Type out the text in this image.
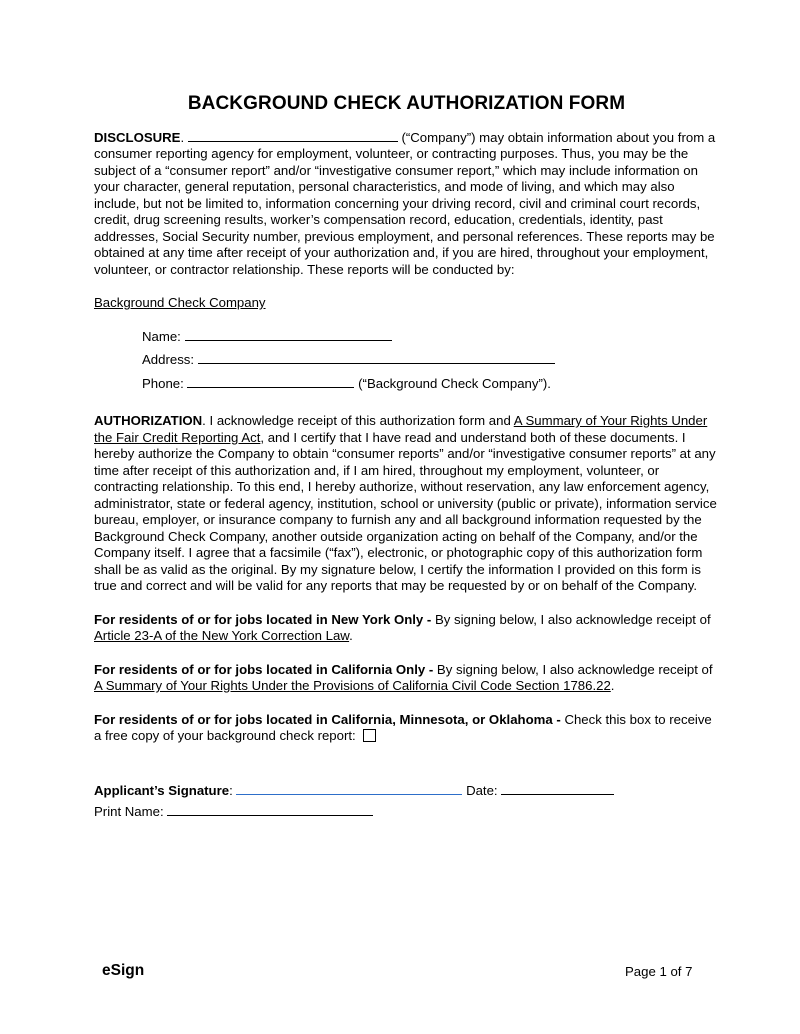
BACKGROUND CHECK AUTHORIZATION FORM

DISCLOSURE.	(“Company”) may obtain information about you from a consumer reporting agency for employment, volunteer, or contracting purposes. Thus, you may be the subject of a “consumer report” and/or “investigative consumer report,” which may include information on your character, general reputation, personal characteristics, and mode of living, and which may also include, but not be limited to, information concerning your driving record, civil and criminal court records, credit, drug screening results, worker’s compensation record, education, credentials, identity, past addresses, Social Security number, previous employment, and personal references. These reports may be obtained at any time after receipt of your authorization and, if you are hired, throughout your employment, volunteer, or contractor relationship. These reports will be conducted by:

Background Check Company

Name:
Address:
Phone:	(“Background Check Company”).

AUTHORIZATION. I acknowledge receipt of this authorization form and A Summary of Your Rights Under the Fair Credit Reporting Act, and I certify that I have read and understand both of these documents. I hereby authorize the Company to obtain “consumer reports” and/or “investigative consumer reports” at any time after receipt of this authorization and, if I am hired, throughout my employment, volunteer, or contracting relationship. To this end, I hereby authorize, without reservation, any law enforcement agency, administrator, state or federal agency, institution, school or university (public or private), information service bureau, employer, or insurance company to furnish any and all background information requested by the Background Check Company, another outside organization acting on behalf of the Company, and/or the Company itself. I agree that a facsimile (“fax”), electronic, or photographic copy of this authorization form shall be as valid as the original. By my signature below, I certify the information I provided on this form is true and correct and will be valid for any reports that may be requested by or on behalf of the Company.

For residents of or for jobs located in New York Only - By signing below, I also acknowledge receipt of Article 23-A of the New York Correction Law.

For residents of or for jobs located in California Only - By signing below, I also acknowledge receipt of A Summary of Your Rights Under the Provisions of California Civil Code Section 1786.22.

For residents of or for jobs located in California, Minnesota, or Oklahoma - Check this box to receive a free copy of your background check report:

Applicant’s Signature:	Date:
Print Name:
eSign	Page 1 of 7
